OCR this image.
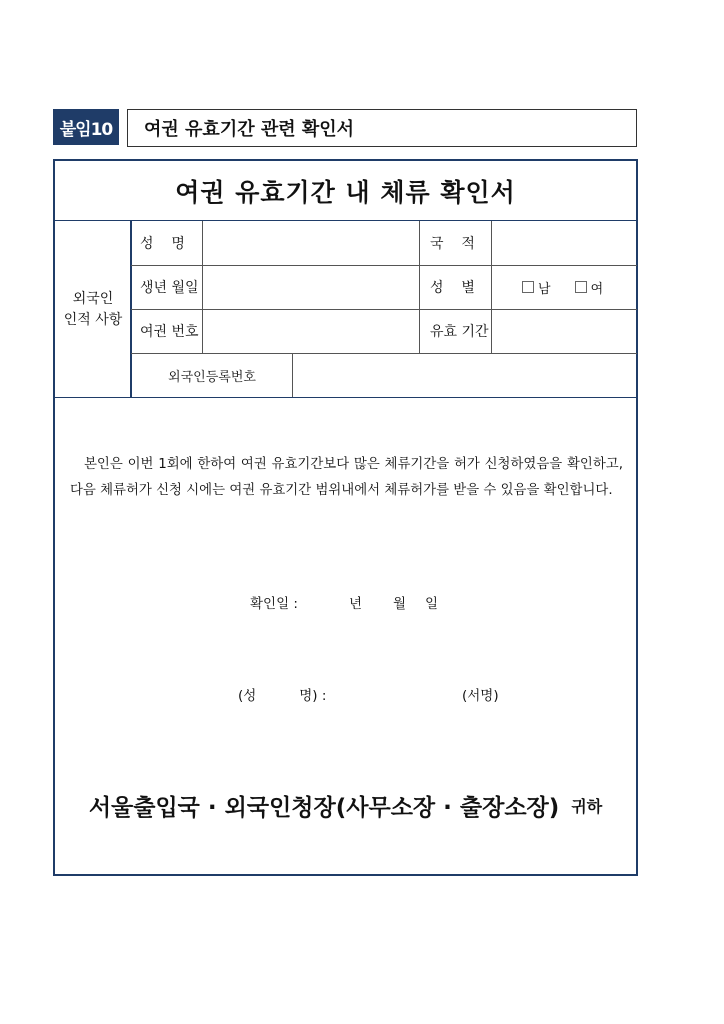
붙임10	여권 유효기간 관련 확인서
여권 유효기간 내 체류 확인서
외국인
인적 사항
성    명	국    적
생년 월일	성    별	남	여
여권 번호	유효 기간
외국인등록번호
본인은 이번 1회에 한하여 여권 유효기간보다 많은 체류기간을 허가 신청하였음을 확인하고, 다음 체류허가 신청 시에는 여권 유효기간 범위내에서 체류허가를 받을 수 있음을 확인합니다.
확인일 :	년 월 일
(성          명) :	(서명)
서울출입국 · 외국인청장(사무소장 · 출장소장) 귀하
